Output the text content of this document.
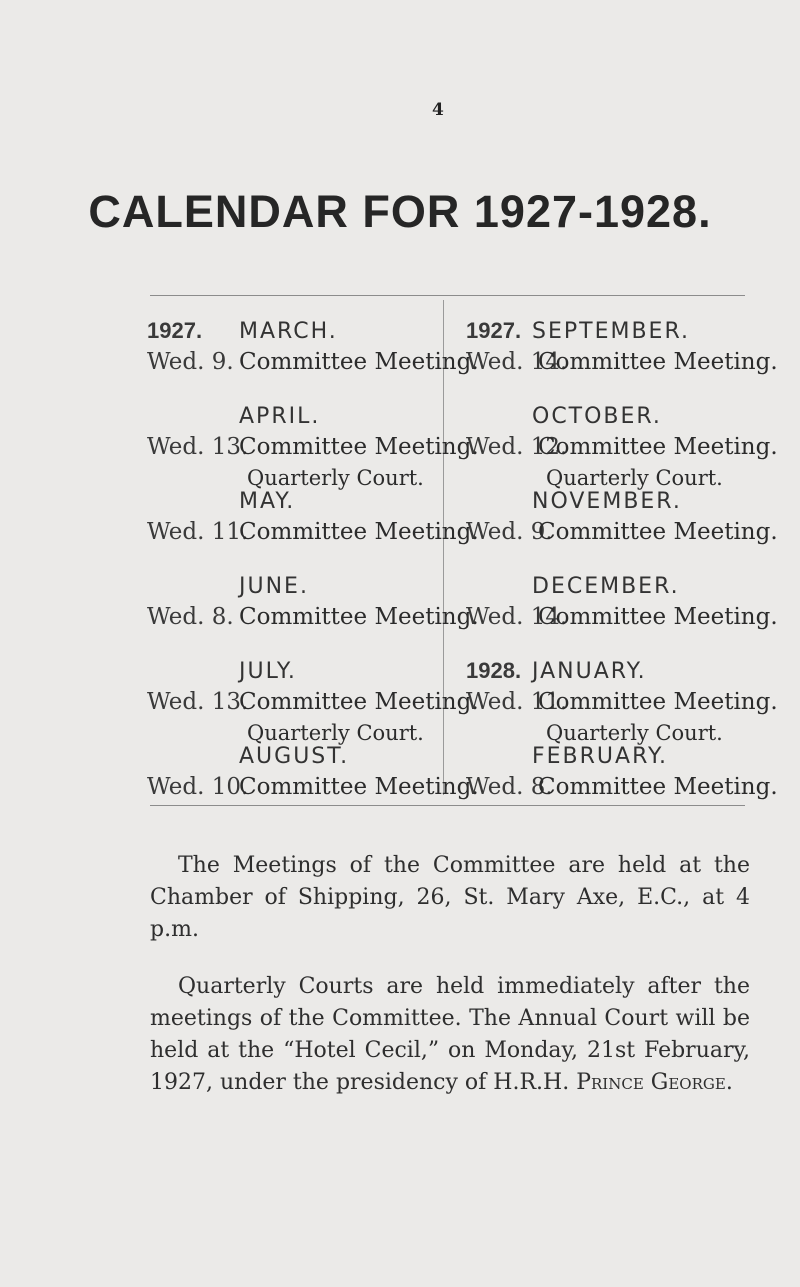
4
CALENDAR FOR 1927-1928.
1927. MARCH.
Wed. 9. Committee Meeting.
APRIL.
Wed. 13.Committee Meeting.
Quarterly Court.
MAY.
Wed. 11.Committee Meeting.
JUNE.
Wed. 8. Committee Meeting.
JULY.
Wed. 13.Committee Meeting.
Quarterly Court.
AUGUST.
Wed. 10.Committee Meeting.
1927. SEPTEMBER.
Wed. 14.Committee Meeting.
OCTOBER.
Wed. 12.Committee Meeting.
Quarterly Court.
NOVEMBER.
Wed. 9.Committee Meeting.
DECEMBER.
Wed. 14.Committee Meeting.
1928. JANUARY.
Wed. 11.Committee Meeting.
Quarterly Court.
FEBRUARY.
Wed. 8.Committee Meeting.

The Meetings of the Committee are held at the Chamber of Shipping, 26, St. Mary Axe, E.C., at 4 p.m.

Quarterly Courts are held immediately after the meetings of the Committee. The Annual Court will be held at the “Hotel Cecil,” on Monday, 21st February, 1927, under the presidency of H.R.H. Prince George.
